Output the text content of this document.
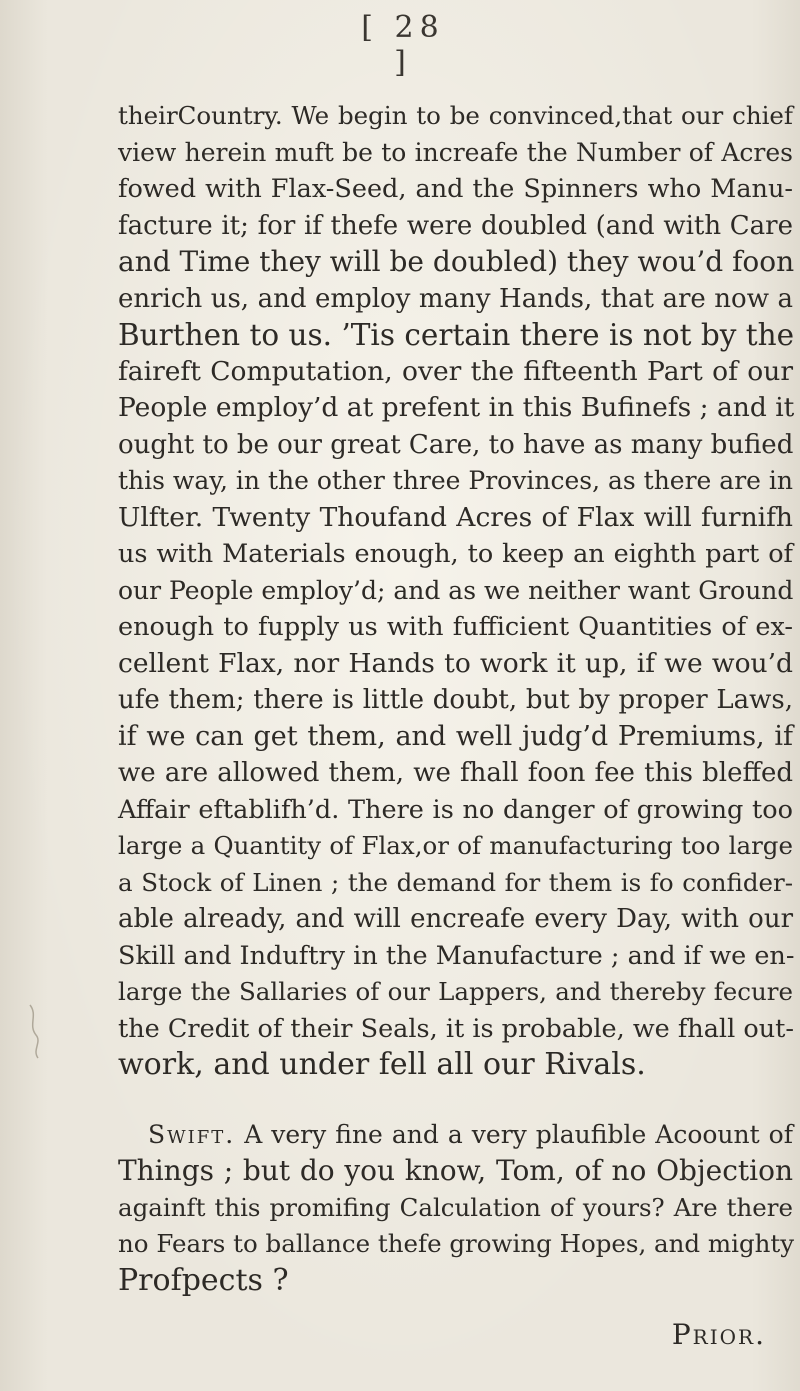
[ 28 ]
theirCountry. We begin to be convinced,that our chief
view herein muft be to increafe the Number of Acres
fowed with Flax-Seed, and the Spinners who Manu-
facture it; for if thefe were doubled (and with Care
and Time they will be doubled) they wou’d foon
enrich us, and employ many Hands, that are now a
Burthen to us. ’Tis certain there is not by the
faireft Computation, over the fifteenth Part of our
People employ’d at prefent in this Bufinefs ; and it
ought to be our great Care, to have as many bufied
this way, in the other three Provinces, as there are in
Ulfter. Twenty Thoufand Acres of Flax will furnifh
us with Materials enough, to keep an eighth part of
our People employ’d; and as we neither want Ground
enough to fupply us with fufficient Quantities of ex-
cellent Flax, nor Hands to work it up, if we wou’d
ufe them; there is little doubt, but by proper Laws,
if we can get them, and well judg’d Premiums, if
we are allowed them, we fhall foon fee this bleffed
Affair eftablifh’d. There is no danger of growing too
large a Quantity of Flax,or of manufacturing too large
a Stock of Linen ; the demand for them is fo confider-
able already, and will encreafe every Day, with our
Skill and Induftry in the Manufacture ; and if we en-
large the Sallaries of our Lappers, and thereby fecure
the Credit of their Seals, it is probable, we fhall out-
work, and under fell all our Rivals.
Swift. A very fine and a very plaufible Acoount of
Things ; but do you know, Tom, of no Objection
againft this promifing Calculation of yours? Are there
no Fears to ballance thefe growing Hopes, and mighty
Profpects ?
Prior.
